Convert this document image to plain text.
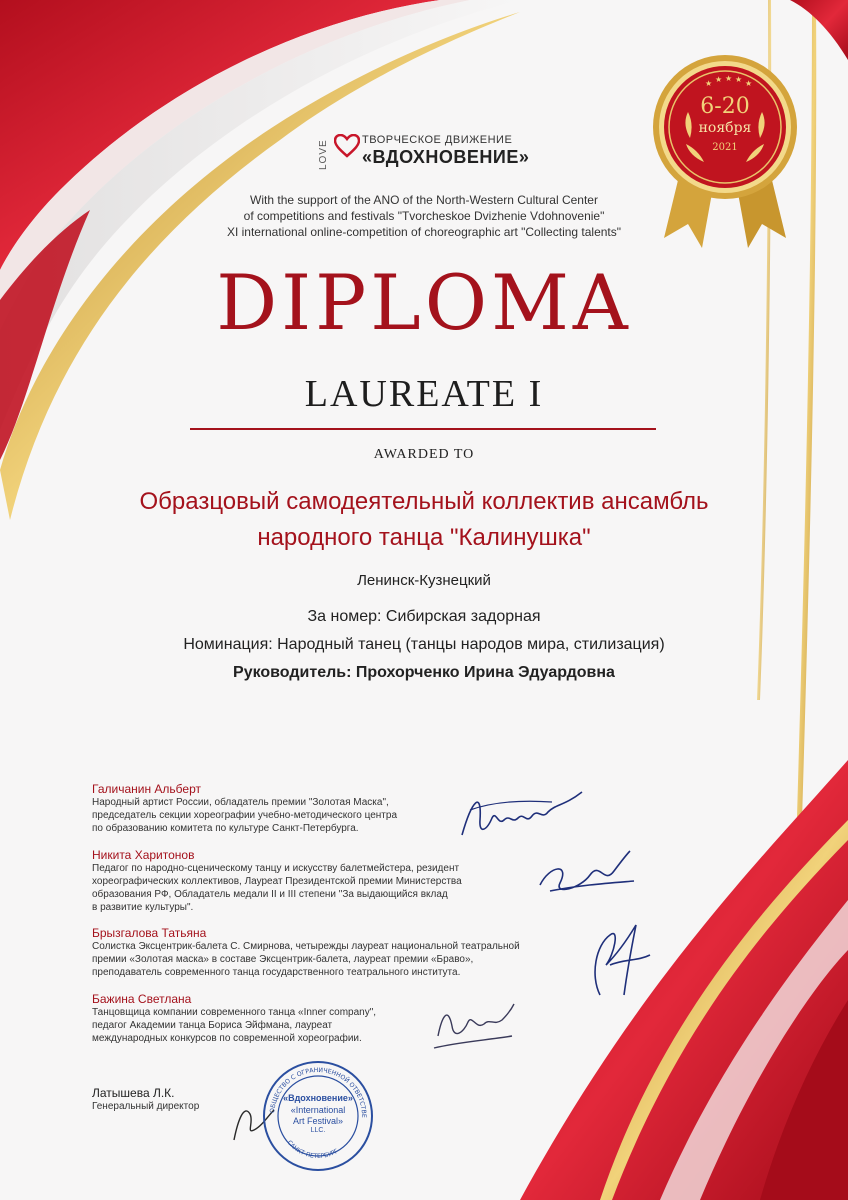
LOVE	ТВОРЧЕСКОЕ ДВИЖЕНИЕ
«ВДОХНОВЕНИЕ»
★ ★ ★ ★ ★
6-20
ноября
2021
With the support of the ANO of the North-Western Cultural Center
of competitions and festivals "Tvorcheskoe Dvizhenie Vdohnovenie"
XI international online-competition of choreographic art "Collecting talents"
DIPLOMA
LAUREATE I
AWARDED TO
Образцовый самодеятельный коллектив ансамбль
народного танца "Калинушка"
Ленинск-Кузнецкий
За номер: Сибирская задорная
Номинация: Народный танец (танцы народов мира, стилизация)
Руководитель: Прохорченко Ирина Эдуардовна
Галичанин Альберт
Народный артист России, обладатель премии "Золотая Маска",
председатель секции хореографии учебно-методического центра
по образованию комитета по культуре Санкт-Петербурга.
Никита Харитонов
Педагог по народно-сценическому танцу и искусству балетмейстера, резидент
хореографических коллективов, Лауреат Президентской премии Министерства
образования РФ, Обладатель медали II и III степени "За выдающийся вклад
в развитие культуры".
Брызгалова Татьяна
Солистка Эксцентрик-балета С. Смирнова, четырежды лауреат национальной театральной
премии «Золотая маска» в составе Эксцентрик-балета, лауреат премии «Браво»,
преподаватель современного танца государственного театрального института.
Бажина Светлана
Танцовщица компании современного танца «Inner company",
педагог Академии танца Бориса Эйфмана, лауреат
международных конкурсов по современной хореографии.
Латышева Л.К.
Генеральный директор	ОБЩЕСТВО С ОГРАНИЧЕННОЙ ОТВЕТСТВЕ
САНКТ-ПЕТЕРБУРГ
«Вдохновение»
«International
Art Festival»
LLC.
